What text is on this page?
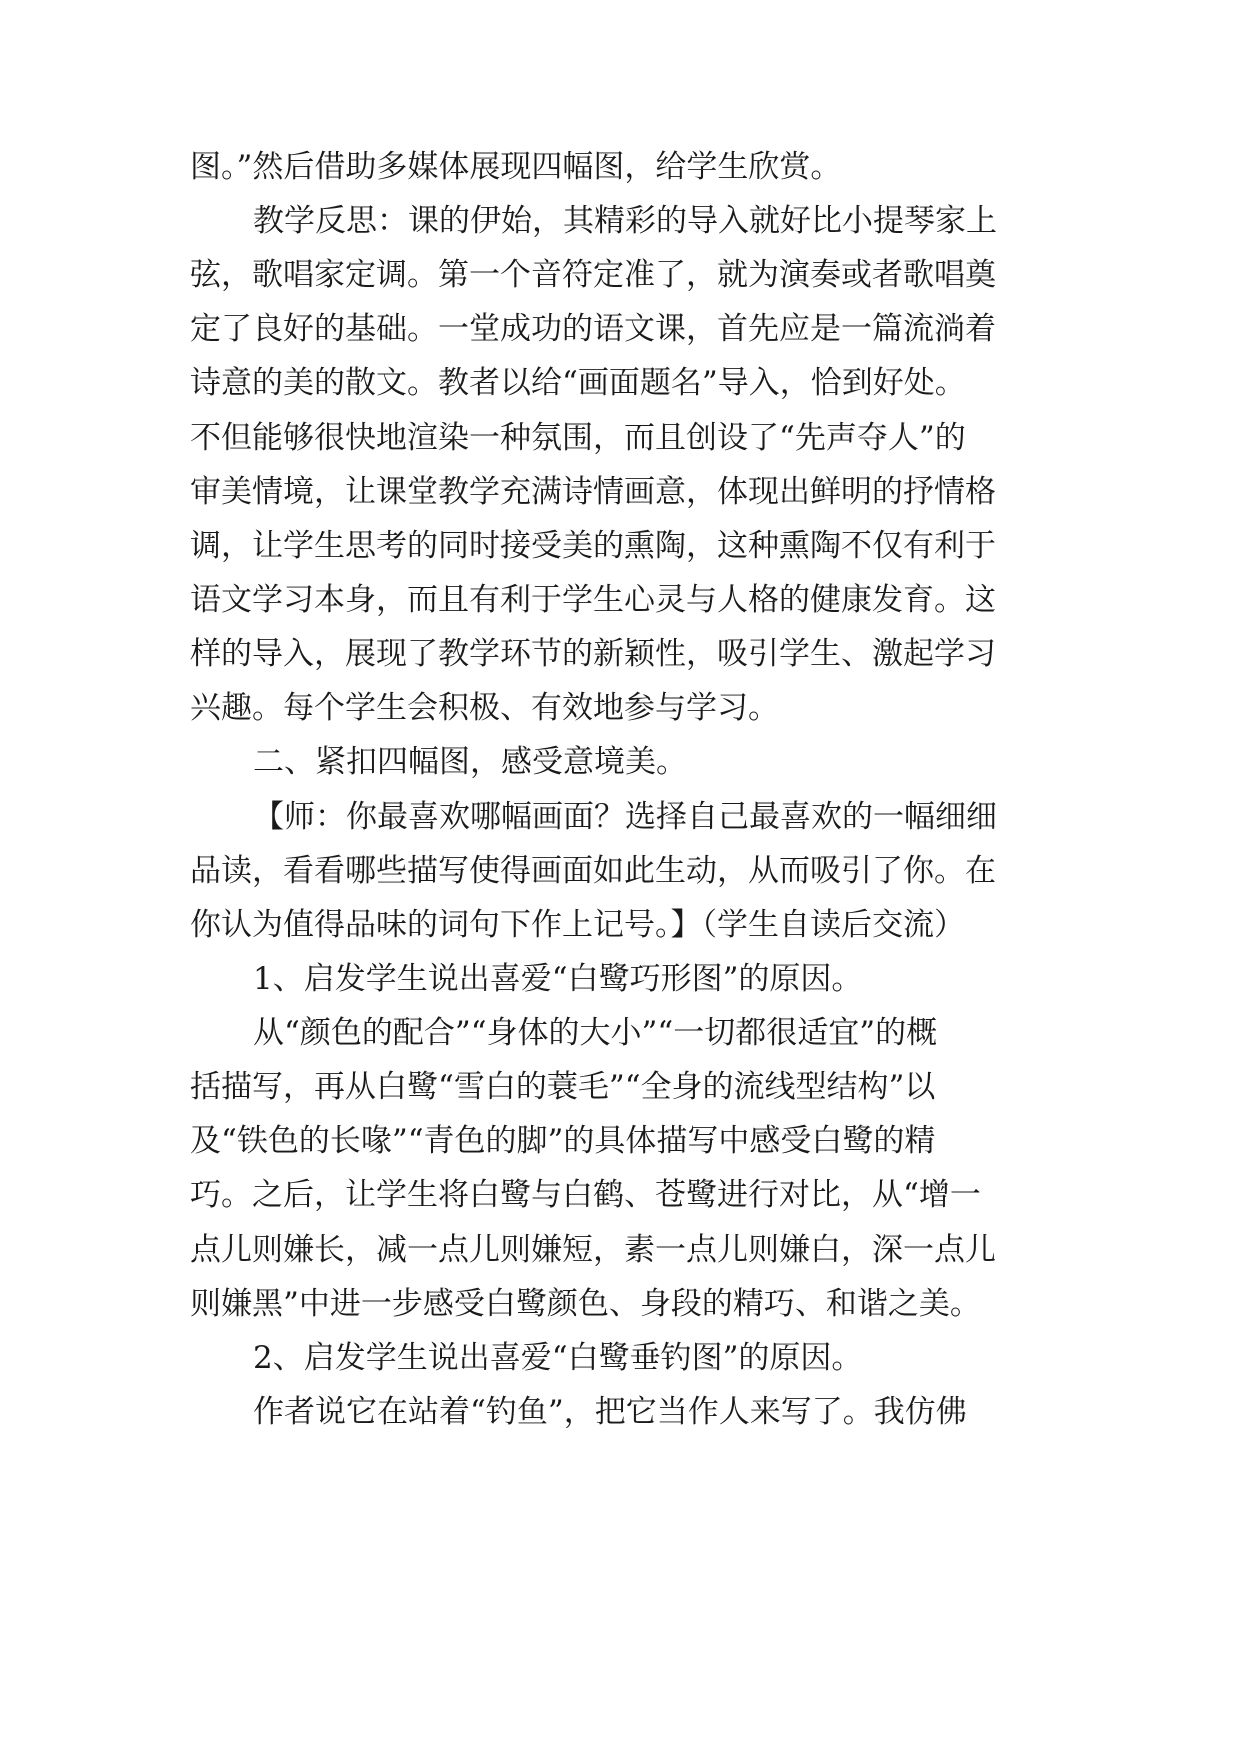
图。”然后借助多媒体展现四幅图，给学生欣赏。
教学反思：课的伊始，其精彩的导入就好比小提琴家上
弦，歌唱家定调。第一个音符定准了，就为演奏或者歌唱奠
定了良好的基础。一堂成功的语文课，首先应是一篇流淌着
诗意的美的散文。教者以给“画面题名”导入，恰到好处。
不但能够很快地渲染一种氛围，而且创设了“先声夺人”的
审美情境，让课堂教学充满诗情画意，体现出鲜明的抒情格
调，让学生思考的同时接受美的熏陶，这种熏陶不仅有利于
语文学习本身，而且有利于学生心灵与人格的健康发育。这
样的导入，展现了教学环节的新颖性，吸引学生、激起学习
兴趣。每个学生会积极、有效地参与学习。
二、紧扣四幅图，感受意境美。
【师：你最喜欢哪幅画面？选择自己最喜欢的一幅细细
品读，看看哪些描写使得画面如此生动，从而吸引了你。在
你认为值得品味的词句下作上记号。】（学生自读后交流）
1、启发学生说出喜爱“白鹭巧形图”的原因。
从“颜色的配合”“身体的大小”“一切都很适宜”的概
括描写，再从白鹭“雪白的蓑毛”“全身的流线型结构”以
及“铁色的长喙”“青色的脚”的具体描写中感受白鹭的精
巧。之后，让学生将白鹭与白鹤、苍鹭进行对比，从“增一
点儿则嫌长，减一点儿则嫌短，素一点儿则嫌白，深一点儿
则嫌黑”中进一步感受白鹭颜色、身段的精巧、和谐之美。
2、启发学生说出喜爱“白鹭垂钓图”的原因。
作者说它在站着“钓鱼”，把它当作人来写了。我仿佛
